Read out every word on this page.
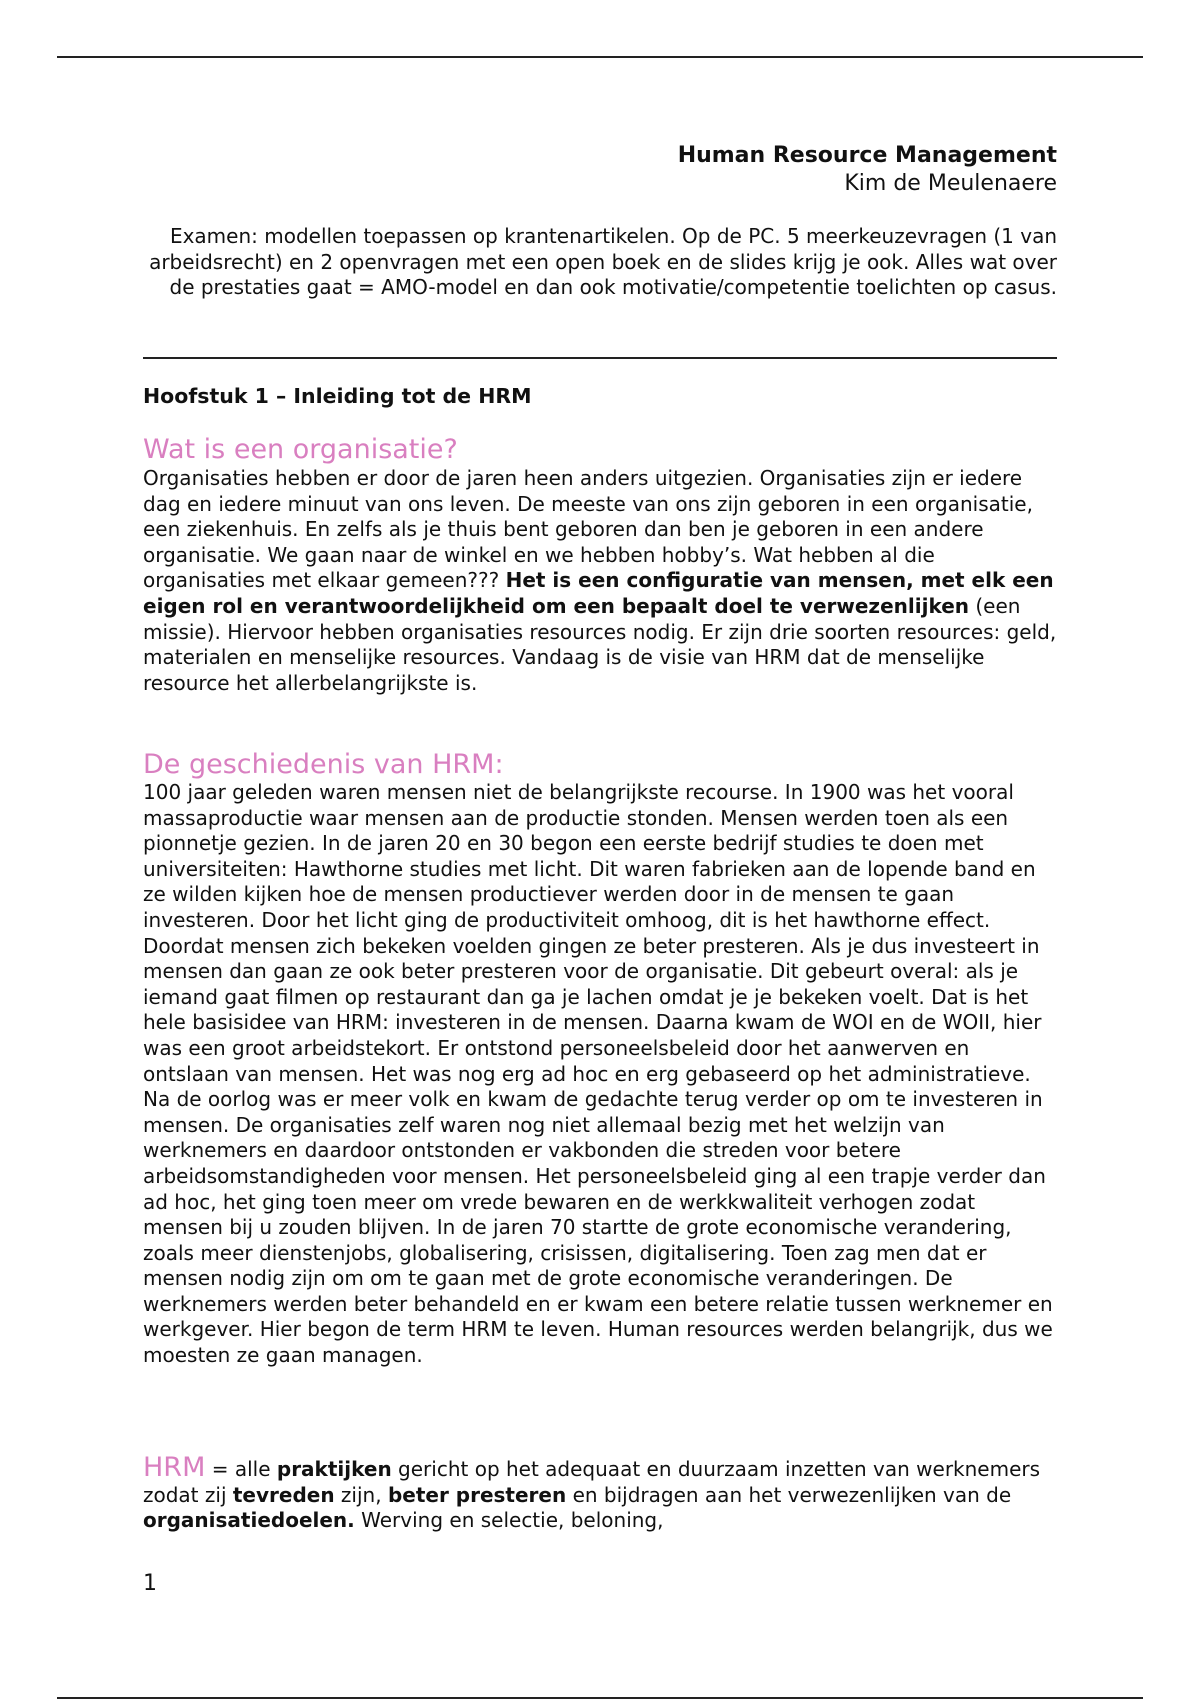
Human Resource Management
Kim de Meulenaere

Examen: modellen toepassen op krantenartikelen. Op de PC. 5 meerkeuzevragen (1 van arbeidsrecht) en 2 openvragen met een open boek en de slides krijg je ook. Alles wat over de prestaties gaat = AMO-model en dan ook motivatie/competentie toelichten op casus.

Hoofstuk 1 – Inleiding tot de HRM
Wat is een organisatie?

Organisaties hebben er door de jaren heen anders uitgezien. Organisaties zijn er iedere dag en iedere minuut van ons leven. De meeste van ons zijn geboren in een organisatie, een ziekenhuis. En zelfs als je thuis bent geboren dan ben je geboren in een andere organisatie. We gaan naar de winkel en we hebben hobby’s. Wat hebben al die organisaties met elkaar gemeen??? Het is een configuratie van mensen, met elk een eigen rol en verantwoordelijkheid om een bepaalt doel te verwezenlijken (een missie). Hiervoor hebben organisaties resources nodig. Er zijn drie soorten resources: geld, materialen en menselijke resources. Vandaag is de visie van HRM dat de menselijke resource het allerbelangrijkste is.

De geschiedenis van HRM:

100 jaar geleden waren mensen niet de belangrijkste recourse. In 1900 was het vooral massaproductie waar mensen aan de productie stonden. Mensen werden toen als een pionnetje gezien. In de jaren 20 en 30 begon een eerste bedrijf studies te doen met universiteiten: Hawthorne studies met licht. Dit waren fabrieken aan de lopende band en ze wilden kijken hoe de mensen productiever werden door in de mensen te gaan investeren. Door het licht ging de productiviteit omhoog, dit is het hawthorne effect. Doordat mensen zich bekeken voelden gingen ze beter presteren. Als je dus investeert in mensen dan gaan ze ook beter presteren voor de organisatie. Dit gebeurt overal: als je iemand gaat filmen op restaurant dan ga je lachen omdat je je bekeken voelt. Dat is het hele basisidee van HRM: investeren in de mensen. Daarna kwam de WOI en de WOII, hier was een groot arbeidstekort. Er ontstond personeelsbeleid door het aanwerven en ontslaan van mensen. Het was nog erg ad hoc en erg gebaseerd op het administratieve. Na de oorlog was er meer volk en kwam de gedachte terug verder op om te investeren in mensen. De organisaties zelf waren nog niet allemaal bezig met het welzijn van werknemers en daardoor ontstonden er vakbonden die streden voor betere arbeidsomstandigheden voor mensen. Het personeelsbeleid ging al een trapje verder dan ad hoc, het ging toen meer om vrede bewaren en de werkkwaliteit verhogen zodat mensen bij u zouden blijven. In de jaren 70 startte de grote economische verandering, zoals meer dienstenjobs, globalisering, crisissen, digitalisering. Toen zag men dat er mensen nodig zijn om om te gaan met de grote economische veranderingen. De werknemers werden beter behandeld en er kwam een betere relatie tussen werknemer en werkgever. Hier begon de term HRM te leven. Human resources werden belangrijk, dus we moesten ze gaan managen.

HRM = alle praktijken gericht op het adequaat en duurzaam inzetten van werknemers zodat zij tevreden zijn, beter presteren en bijdragen aan het verwezenlijken van de organisatiedoelen. Werving en selectie, beloning,

1
